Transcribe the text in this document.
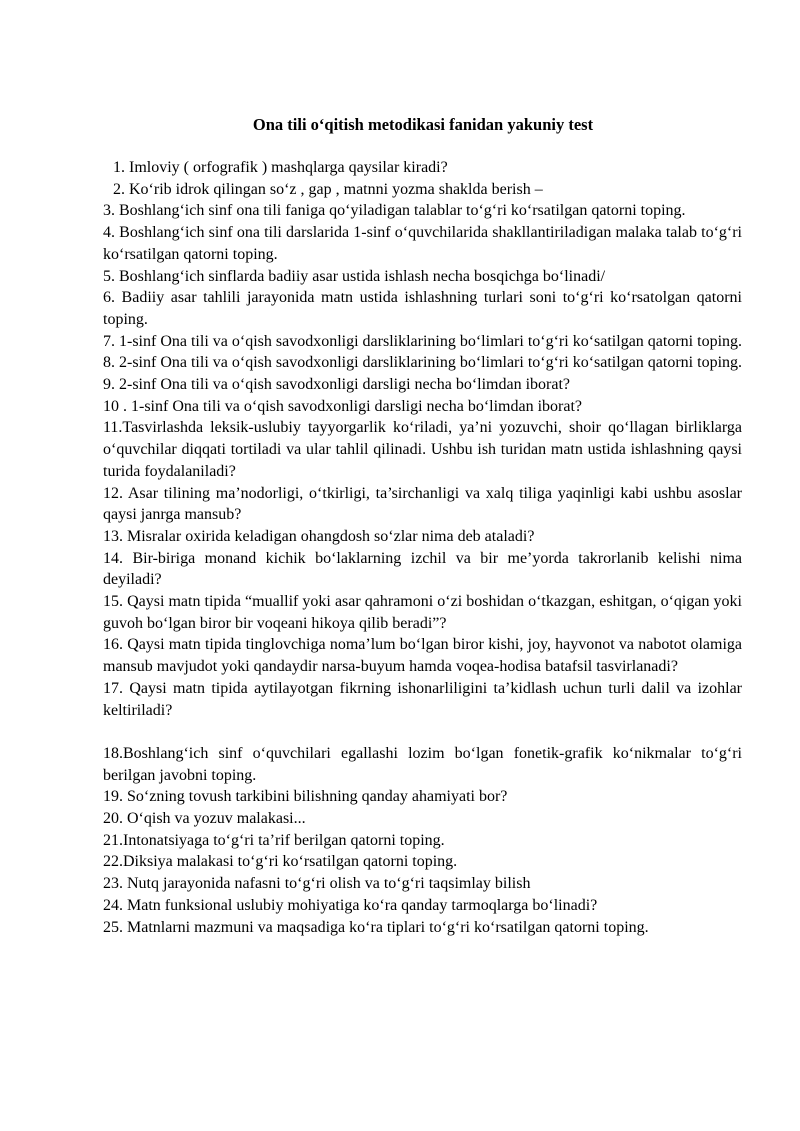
Ona tili o‘qitish metodikasi fanidan yakuniy test

1. Imloviy ( orfografik ) mashqlarga qaysilar kiradi?

2. Ko‘rib idrok qilingan so‘z , gap , matnni yozma shaklda berish –

3. Boshlang‘ich sinf ona tili faniga qo‘yiladigan talablar to‘g‘ri ko‘rsatilgan qatorni toping.

4. Boshlang‘ich sinf ona tili darslarida 1-sinf o‘quvchilarida shakllantiriladigan malaka talab to‘g‘ri ko‘rsatilgan qatorni toping.

5. Boshlang‘ich sinflarda badiiy asar ustida ishlash necha bosqichga bo‘linadi/

6. Badiiy asar tahlili jarayonida matn ustida ishlashning turlari soni to‘g‘ri ko‘rsatolgan qatorni toping.

7. 1-sinf Ona tili va o‘qish savodxonligi darsliklarining bo‘limlari to‘g‘ri ko‘satilgan qatorni toping.

8. 2-sinf Ona tili va o‘qish savodxonligi darsliklarining bo‘limlari to‘g‘ri ko‘satilgan qatorni toping.

9. 2-sinf Ona tili va o‘qish savodxonligi darsligi necha bo‘limdan iborat?

10 . 1-sinf Ona tili va o‘qish savodxonligi darsligi necha bo‘limdan iborat?

11.Tasvirlashda leksik-uslubiy tayyorgarlik ko‘riladi, ya’ni yozuvchi, shoir qo‘llagan birliklarga o‘quvchilar diqqati tortiladi va ular tahlil qilinadi. Ushbu ish turidan matn ustida ishlashning qaysi turida foydalaniladi?

12. Asar tilining ma’nodorligi, o‘tkirligi, ta’sirchanligi va xalq tiliga yaqinligi kabi ushbu asoslar qaysi janrga mansub?

13. Misralar oxirida keladigan ohangdosh so‘zlar nima deb ataladi?

14. Bir-biriga monand kichik bo‘laklarning izchil va bir me’yorda takrorlanib kelishi nima deyiladi?

15. Qaysi matn tipida “muallif yoki asar qahramoni o‘zi boshidan o‘tkazgan, eshitgan, o‘qigan yoki guvoh bo‘lgan biror bir voqeani hikoya qilib beradi”?

16. Qaysi matn tipida tinglovchiga noma’lum bo‘lgan biror kishi, joy, hayvonot va nabotot olamiga mansub mavjudot yoki qandaydir narsa-buyum hamda voqea-hodisa batafsil tasvirlanadi?

17. Qaysi matn tipida aytilayotgan fikrning ishonarliligini ta’kidlash uchun turli dalil va izohlar keltiriladi?

18.Boshlang‘ich sinf o‘quvchilari egallashi lozim bo‘lgan fonetik-grafik ko‘nikmalar to‘g‘ri berilgan javobni toping.

19. So‘zning tovush tarkibini bilishning qanday ahamiyati bor?

20. O‘qish va yozuv malakasi...

21.Intonatsiyaga to‘g‘ri ta’rif berilgan qatorni toping.

22.Diksiya malakasi to‘g‘ri ko‘rsatilgan qatorni toping.

23. Nutq jarayonida nafasni to‘g‘ri olish va to‘g‘ri taqsimlay bilish

24. Matn funksional uslubiy mohiyatiga ko‘ra qanday tarmoqlarga bo‘linadi?

25. Matnlarni mazmuni va maqsadiga ko‘ra tiplari to‘g‘ri ko‘rsatilgan qatorni toping.
